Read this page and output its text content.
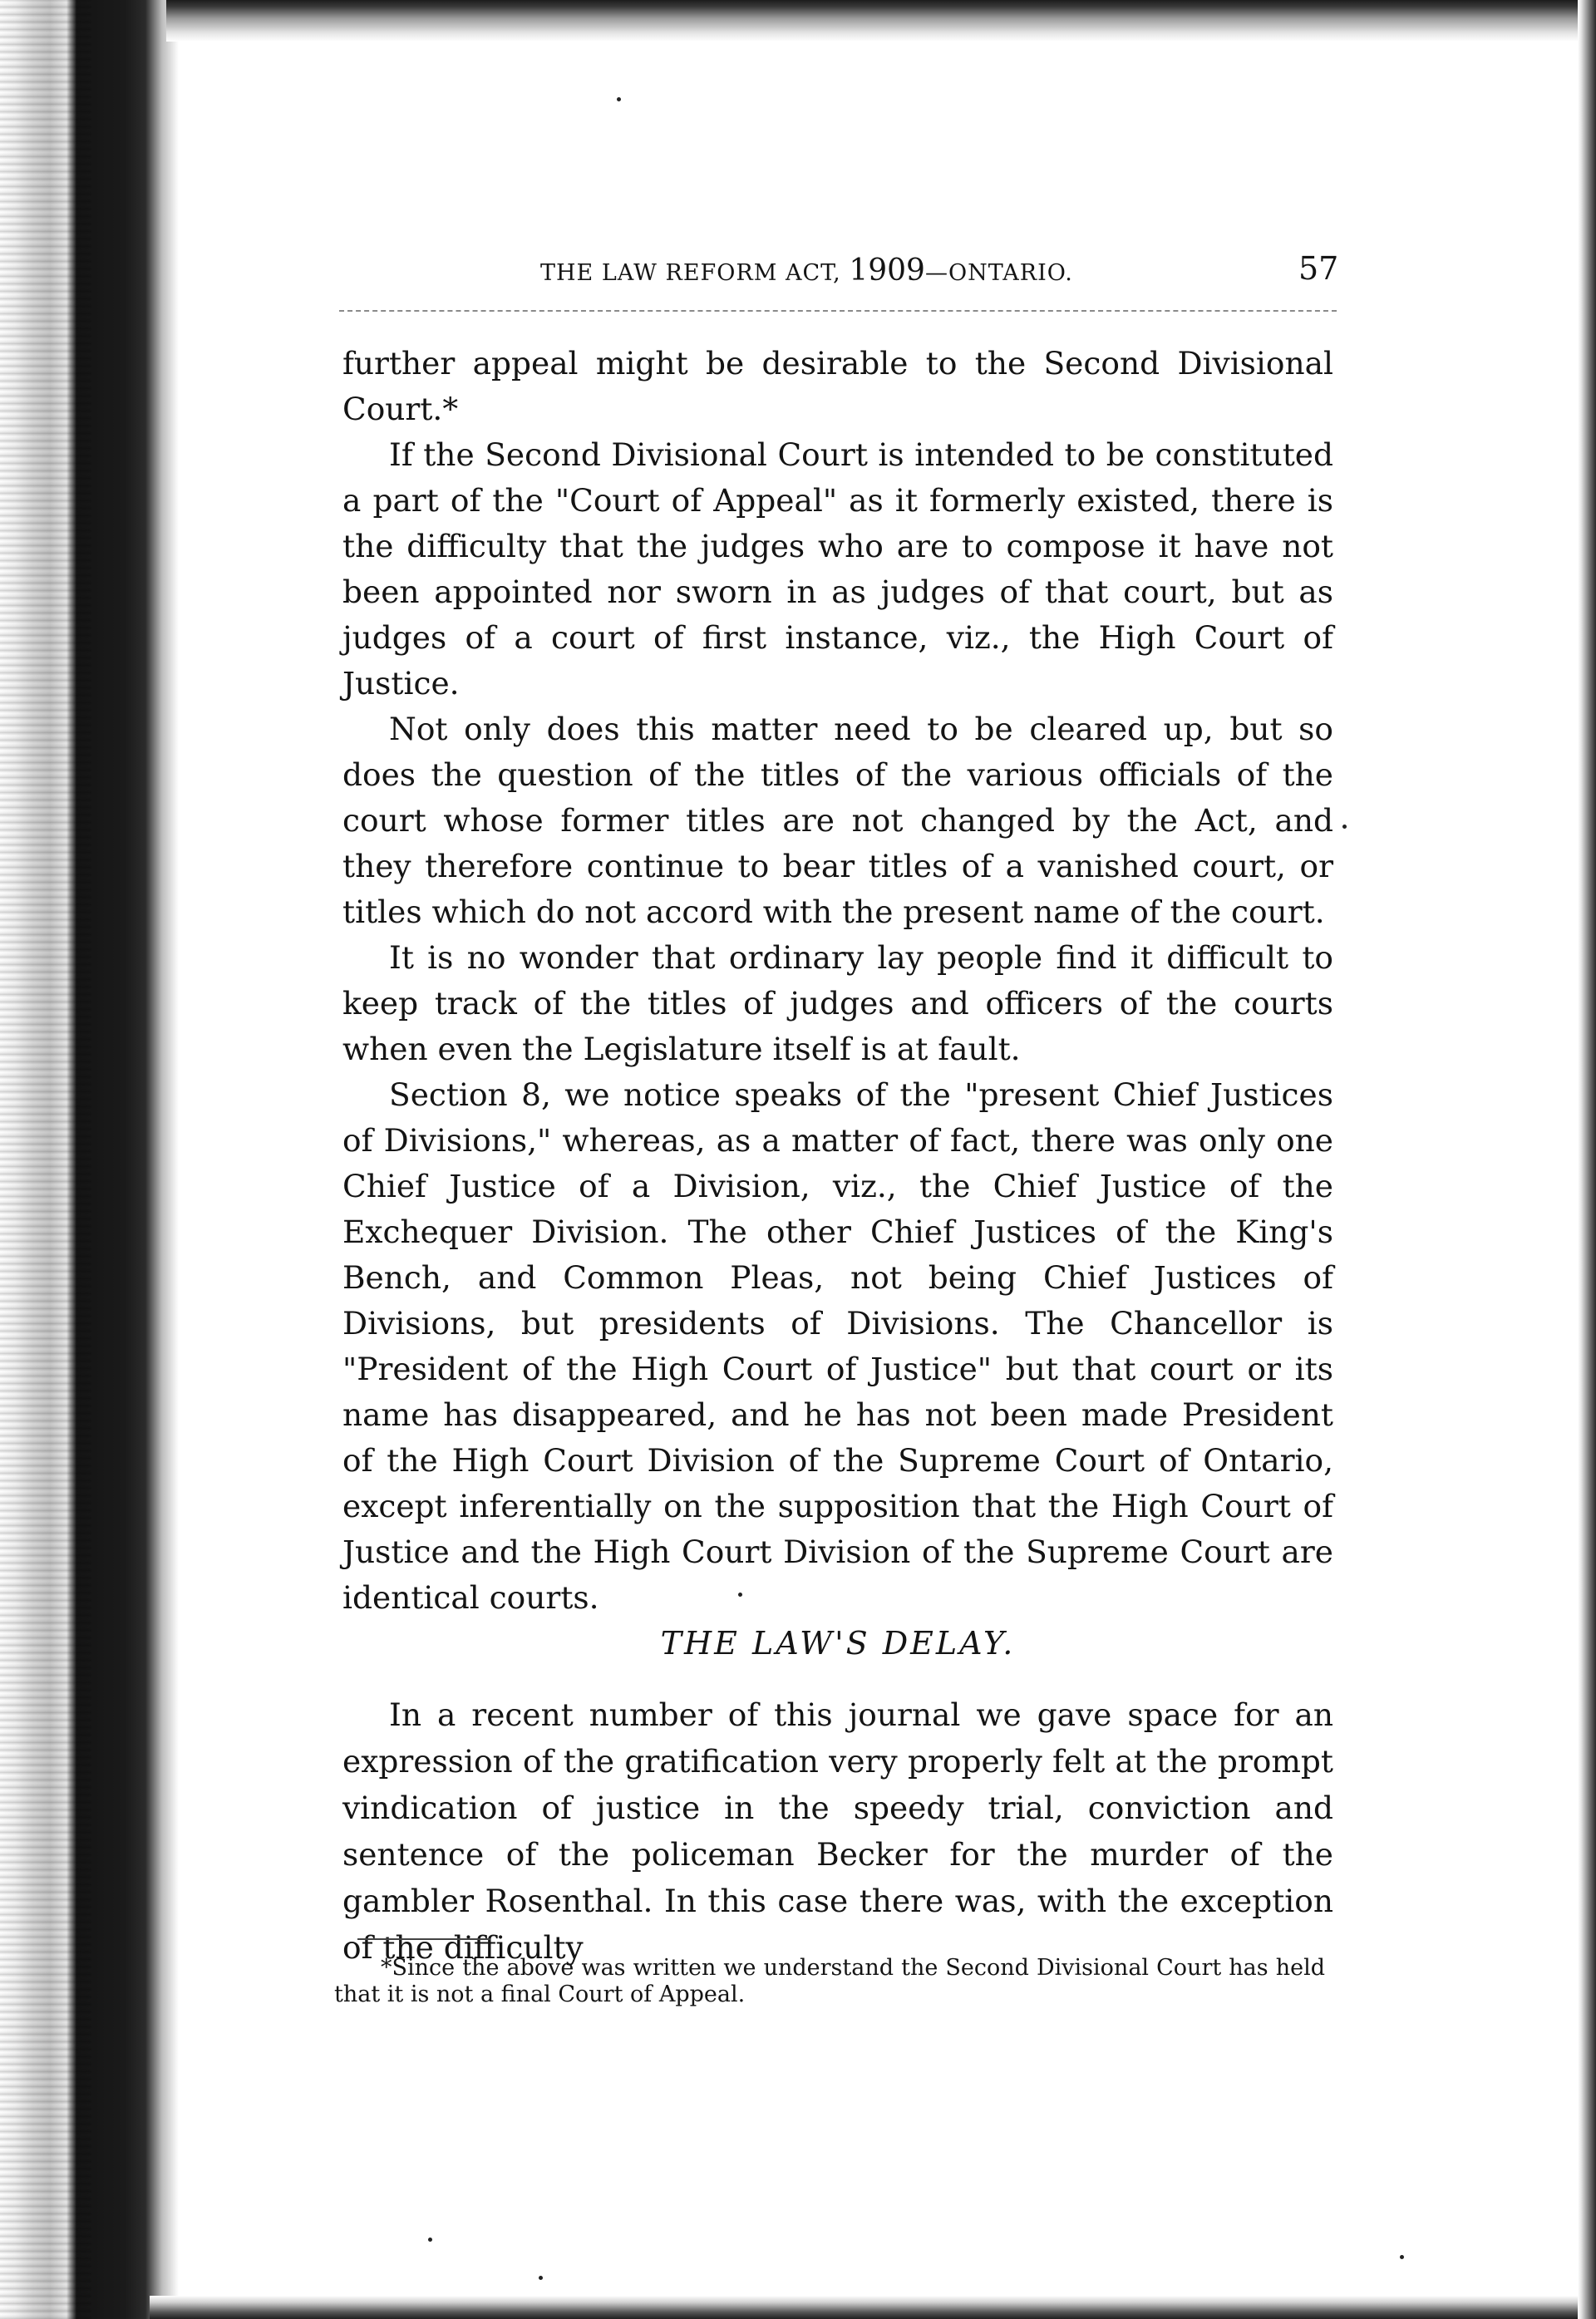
THE LAW REFORM ACT, 1909—ONTARIO.	57

further appeal might be desirable to the Second Divisional Court.*

If the Second Divisional Court is intended to be constituted a part of the "Court of Appeal" as it formerly existed, there is the difficulty that the judges who are to compose it have not been appointed nor sworn in as judges of that court, but as judges of a court of first instance, viz., the High Court of Justice.

Not only does this matter need to be cleared up, but so does the question of the titles of the various officials of the court whose former titles are not changed by the Act, and they therefore continue to bear titles of a vanished court, or titles which do not accord with the present name of the court.

It is no wonder that ordinary lay people find it difficult to keep track of the titles of judges and officers of the courts when even the Legislature itself is at fault.

Section 8, we notice speaks of the "present Chief Justices of Divisions," whereas, as a matter of fact, there was only one Chief Justice of a Division, viz., the Chief Justice of the Exchequer Division. The other Chief Justices of the King's Bench, and Common Pleas, not being Chief Justices of Divisions, but presidents of Divisions. The Chancellor is "President of the High Court of Justice" but that court or its name has disappeared, and he has not been made President of the High Court Division of the Supreme Court of Ontario, except inferentially on the supposition that the High Court of Justice and the High Court Division of the Supreme Court are identical courts.

THE LAW'S DELAY.

In a recent number of this journal we gave space for an expression of the gratification very properly felt at the prompt vindication of justice in the speedy trial, conviction and sentence of the policeman Becker for the murder of the gambler Rosenthal. In this case there was, with the exception of the difficulty

*Since the above was written we understand the Second Divisional Court has held that it is not a final Court of Appeal.
